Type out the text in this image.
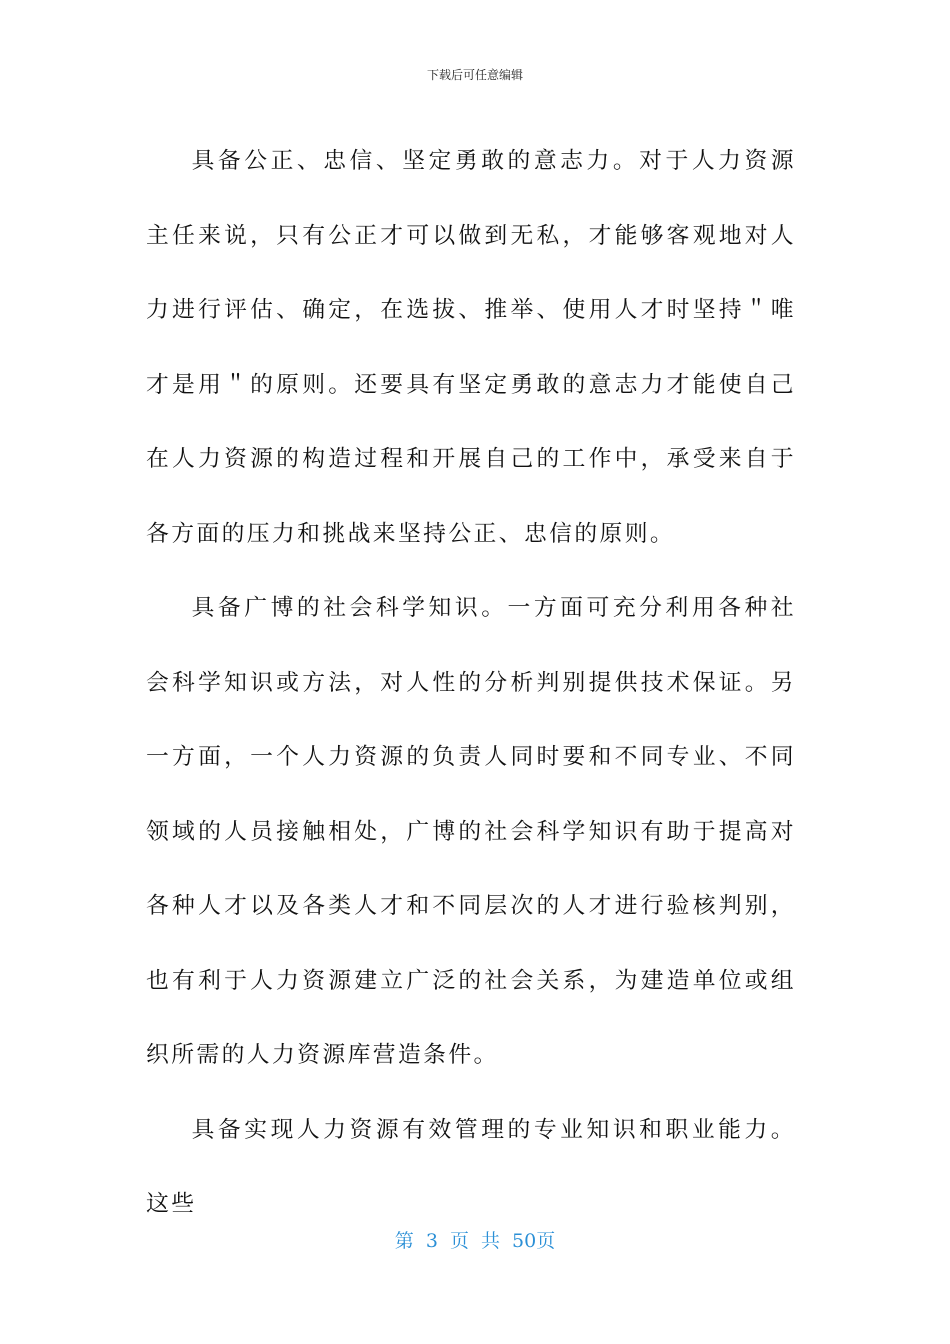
下载后可任意编辑

具备公正、忠信、坚定勇敢的意志力。对于人力资源主任来说，只有公正才可以做到无私，才能够客观地对人力进行评估、确定，在选拔、推举、使用人才时坚持＂唯才是用＂的原则。还要具有坚定勇敢的意志力才能使自己在人力资源的构造过程和开展自己的工作中，承受来自于各方面的压力和挑战来坚持公正、忠信的原则。

具备广博的社会科学知识。一方面可充分利用各种社会科学知识或方法，对人性的分析判别提供技术保证。另一方面，一个人力资源的负责人同时要和不同专业、不同领域的人员接触相处，广博的社会科学知识有助于提高对各种人才以及各类人才和不同层次的人才进行验核判别，也有利于人力资源建立广泛的社会关系，为建造单位或组织所需的人力资源库营造条件。

具备实现人力资源有效管理的专业知识和职业能力。这些

第 3 页 共 50页
